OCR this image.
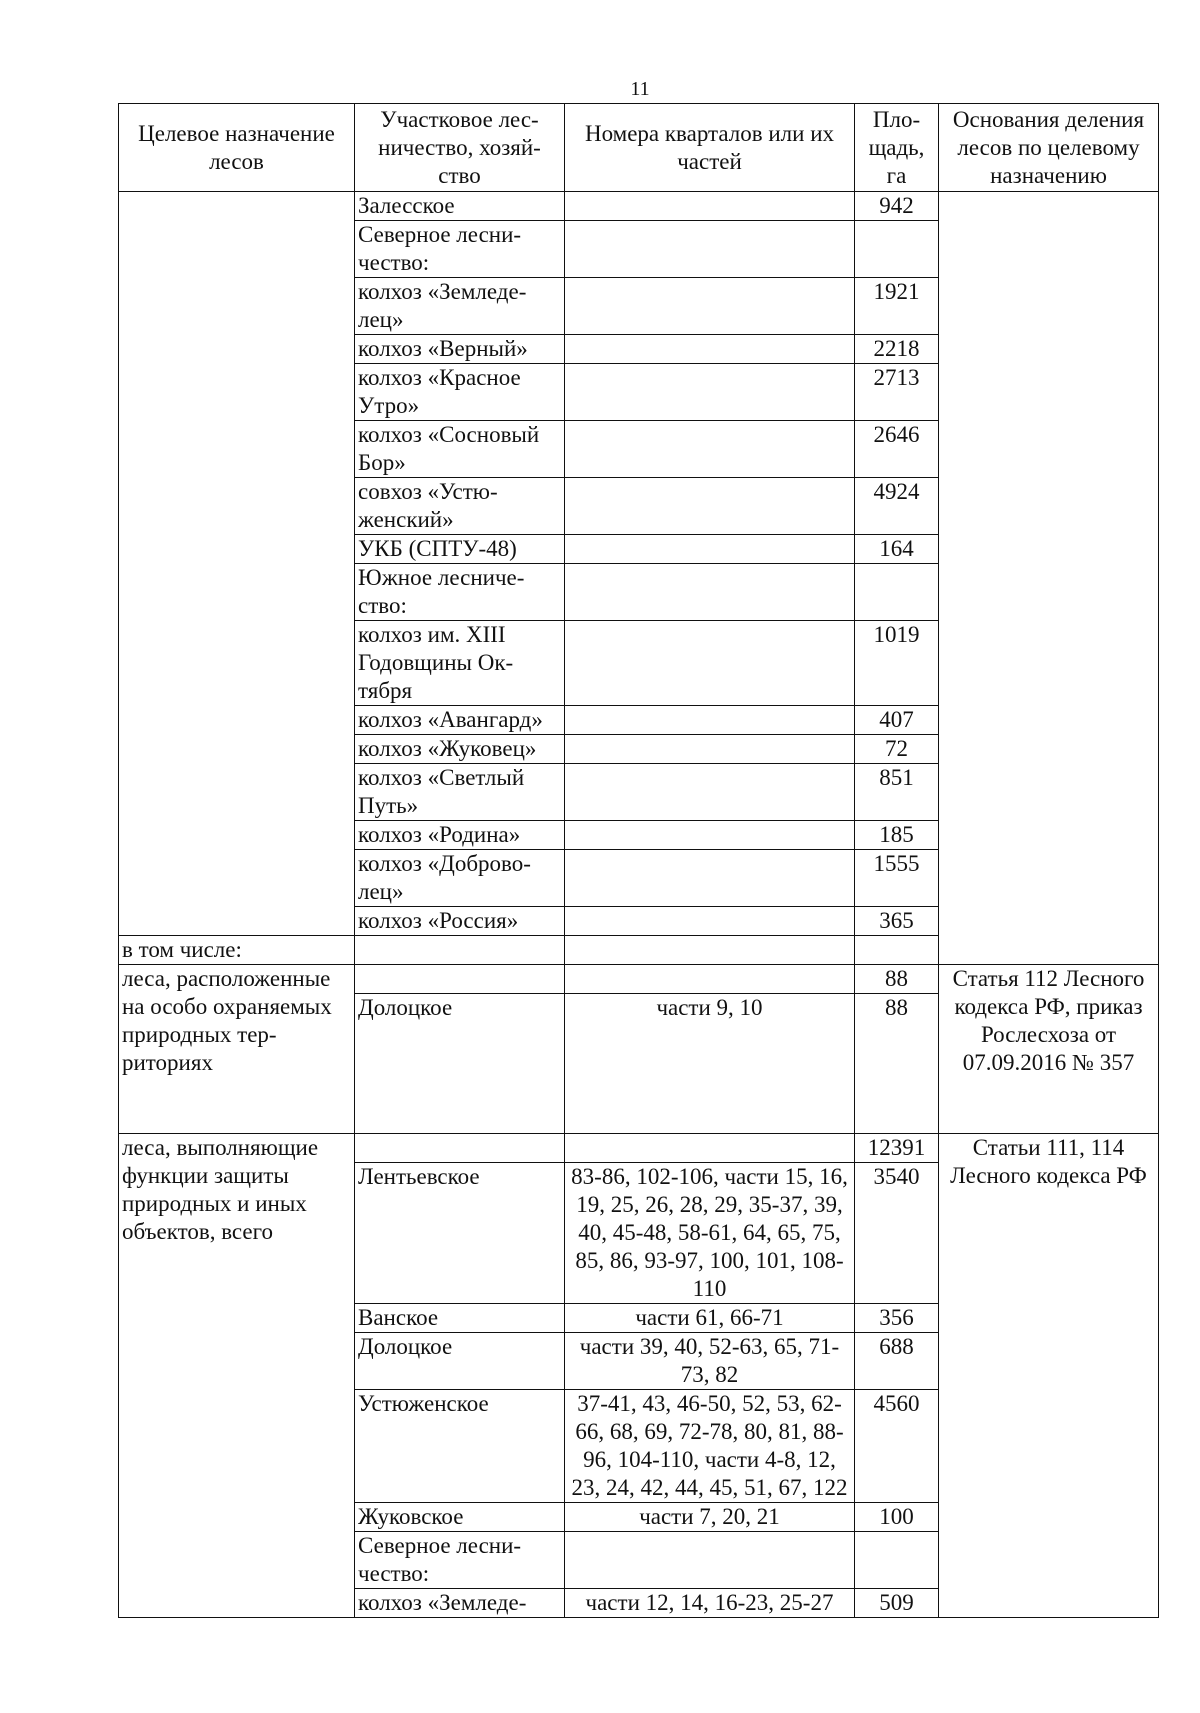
11
Целевое назначение лесов	Участковое лес-ничество, хозяй-ство	Номера кварталов или их частей	Пло-щадь, га	Основания деления лесов по целевому назначению
	Залесское		942	
	Северное лесни-чество:			
	колхоз «Земледе-лец»		1921	
	колхоз «Верный»		2218	
	колхоз «Красное Утро»		2713	
	колхоз «Сосновый Бор»		2646	
	совхоз «Устю-женский»		4924	
	УКБ (СПТУ-48)		164	
	Южное лесниче-ство:			
	колхоз им. XIII Годовщины Ок-тября		1019	
	колхоз «Авангард»		407	
	колхоз «Жуковец»		72	
	колхоз «Светлый Путь»		851	
	колхоз «Родина»		185	
	колхоз «Доброво-лец»		1555	
	колхоз «Россия»		365	
в том числе:				
леса, расположенные на особо охраняемых природных тер-риториях			88	Статья 112 Лесного кодекса РФ, приказ Рослесхоза от 07.09.2016 № 357
	Долоцкое	части 9, 10	88	
леса, выполняющие функции защиты природных и иных объектов, всего			12391	Статьи 111, 114 Лесного кодекса РФ
	Лентьевское	83-86, 102-106, части 15, 16, 19, 25, 26, 28, 29, 35-37, 39, 40, 45-48, 58-61, 64, 65, 75, 85, 86, 93-97, 100, 101, 108-110	3540	
	Ванское	части 61, 66-71	356	
	Долоцкое	части 39, 40, 52-63, 65, 71-73, 82	688	
	Устюженское	37-41, 43, 46-50, 52, 53, 62-66, 68, 69, 72-78, 80, 81, 88-96, 104-110, части 4-8, 12, 23, 24, 42, 44, 45, 51, 67, 122	4560	
	Жуковское	части 7, 20, 21	100	
	Северное лесни-чество:			
	колхоз «Земледе-	части 12, 14, 16-23, 25-27	509	
